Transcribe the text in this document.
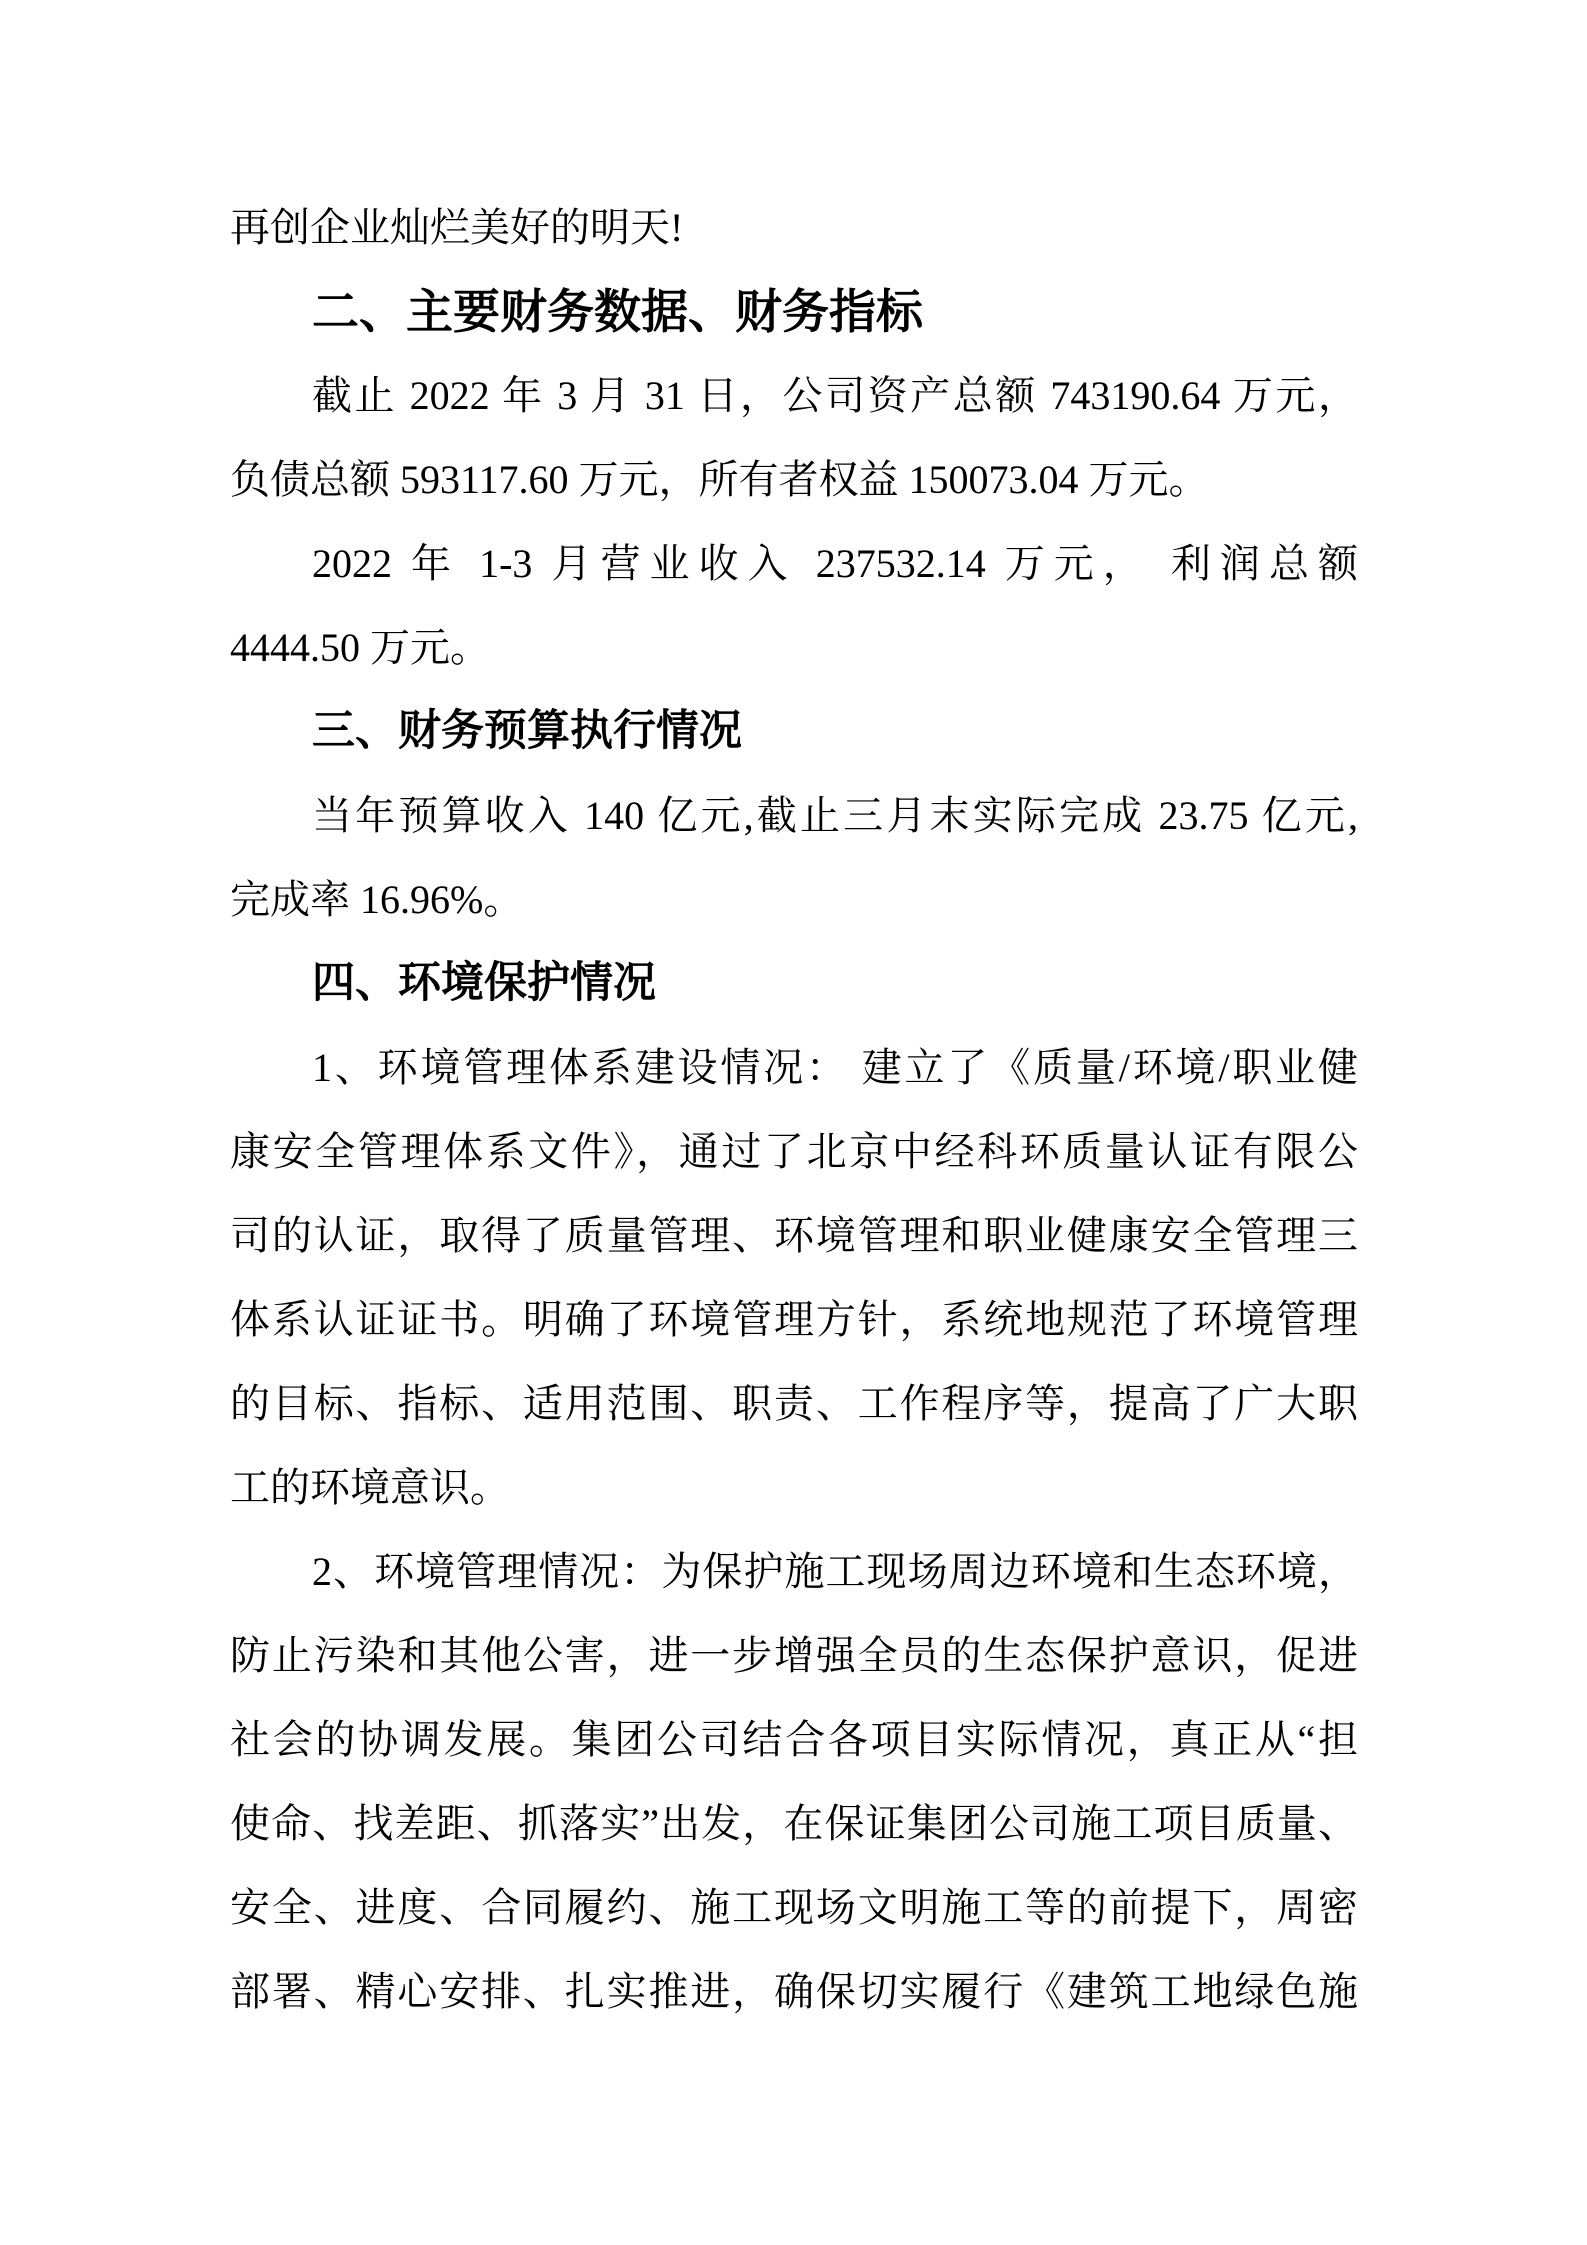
再创企业灿烂美好的明天!
二、主要财务数据、财务指标
截止 2022 年 3 月 31 日，公司资产总额 743190.64 万元，
负债总额 593117.60 万元，所有者权益 150073.04 万元。
2022 年 1-3 月营业收入 237532.14 万元， 利润总额
4444.50 万元。
三、财务预算执行情况
当年预算收入 140 亿元,截止三月末实际完成 23.75 亿元,
完成率 16.96%。
四、环境保护情况
1、环境管理体系建设情况： 建立了《质量/环境/职业健
康安全管理体系文件》，通过了北京中经科环质量认证有限公
司的认证，取得了质量管理、环境管理和职业健康安全管理三
体系认证证书。明确了环境管理方针，系统地规范了环境管理
的目标、指标、适用范围、职责、工作程序等，提高了广大职
工的环境意识。
2、环境管理情况：为保护施工现场周边环境和生态环境，
防止污染和其他公害，进一步增强全员的生态保护意识，促进
社会的协调发展。集团公司结合各项目实际情况，真正从“担
使命、找差距、抓落实”出发，在保证集团公司施工项目质量、
安全、进度、合同履约、施工现场文明施工等的前提下，周密
部署、精心安排、扎实推进，确保切实履行《建筑工地绿色施
